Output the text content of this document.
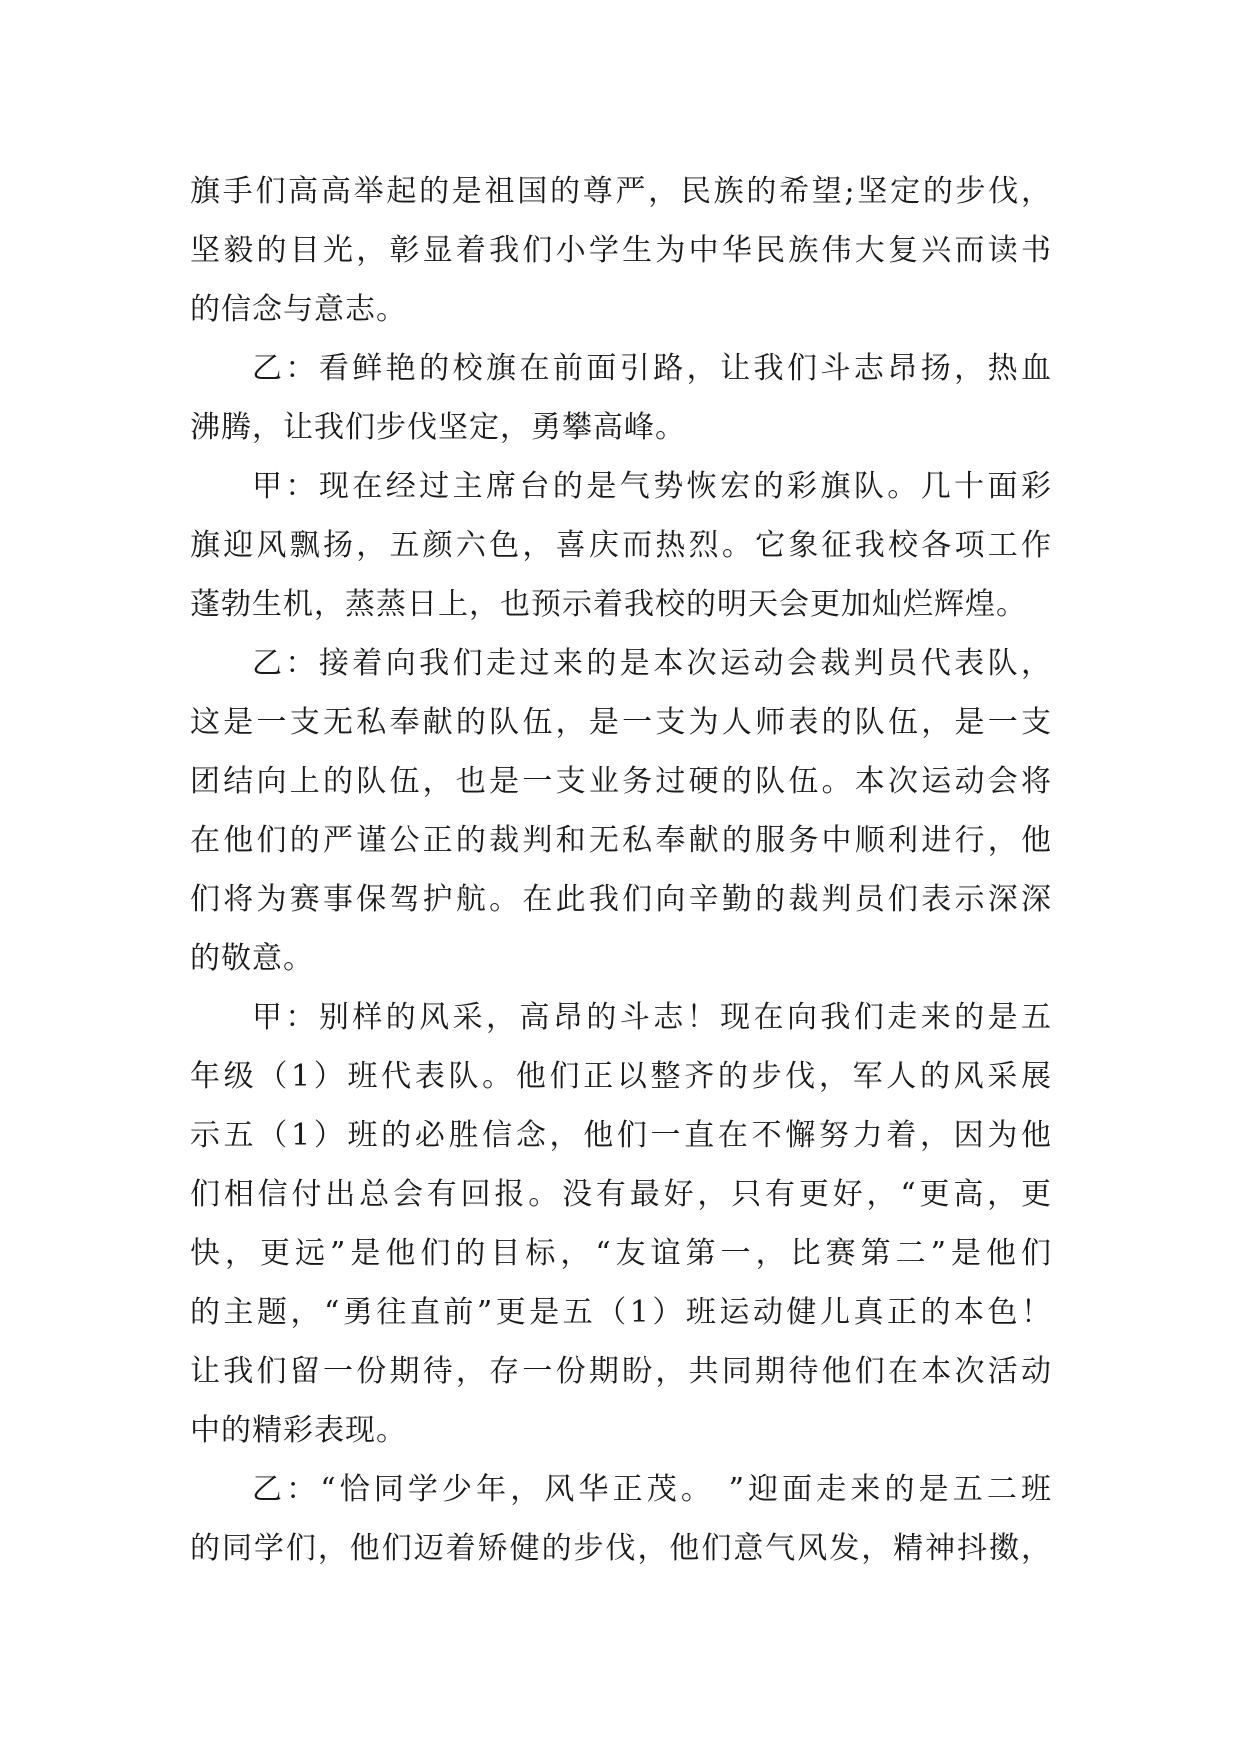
旗手们高高举起的是祖国的尊严，民族的希望;坚定的步伐，
坚毅的目光，彰显着我们小学生为中华民族伟大复兴而读书
的信念与意志。
乙：看鲜艳的校旗在前面引路，让我们斗志昂扬，热血
沸腾，让我们步伐坚定，勇攀高峰。
甲：现在经过主席台的是气势恢宏的彩旗队。几十面彩
旗迎风飘扬，五颜六色，喜庆而热烈。它象征我校各项工作
蓬勃生机，蒸蒸日上，也预示着我校的明天会更加灿烂辉煌。
乙：接着向我们走过来的是本次运动会裁判员代表队，
这是一支无私奉献的队伍，是一支为人师表的队伍，是一支
团结向上的队伍，也是一支业务过硬的队伍。本次运动会将
在他们的严谨公正的裁判和无私奉献的服务中顺利进行，他
们将为赛事保驾护航。在此我们向辛勤的裁判员们表示深深
的敬意。
甲：别样的风采，高昂的斗志！现在向我们走来的是五
年级（1）班代表队。他们正以整齐的步伐，军人的风采展
示五（1）班的必胜信念，他们一直在不懈努力着，因为他
们相信付出总会有回报。没有最好，只有更好，“更高，更
快，更远”是他们的目标，“友谊第一，比赛第二”是他们
的主题，“勇往直前”更是五（1）班运动健儿真正的本色！
让我们留一份期待，存一份期盼，共同期待他们在本次活动
中的精彩表现。
乙：“恰同学少年，风华正茂。 ”迎面走来的是五二班
的同学们，他们迈着矫健的步伐，他们意气风发，精神抖擞，
